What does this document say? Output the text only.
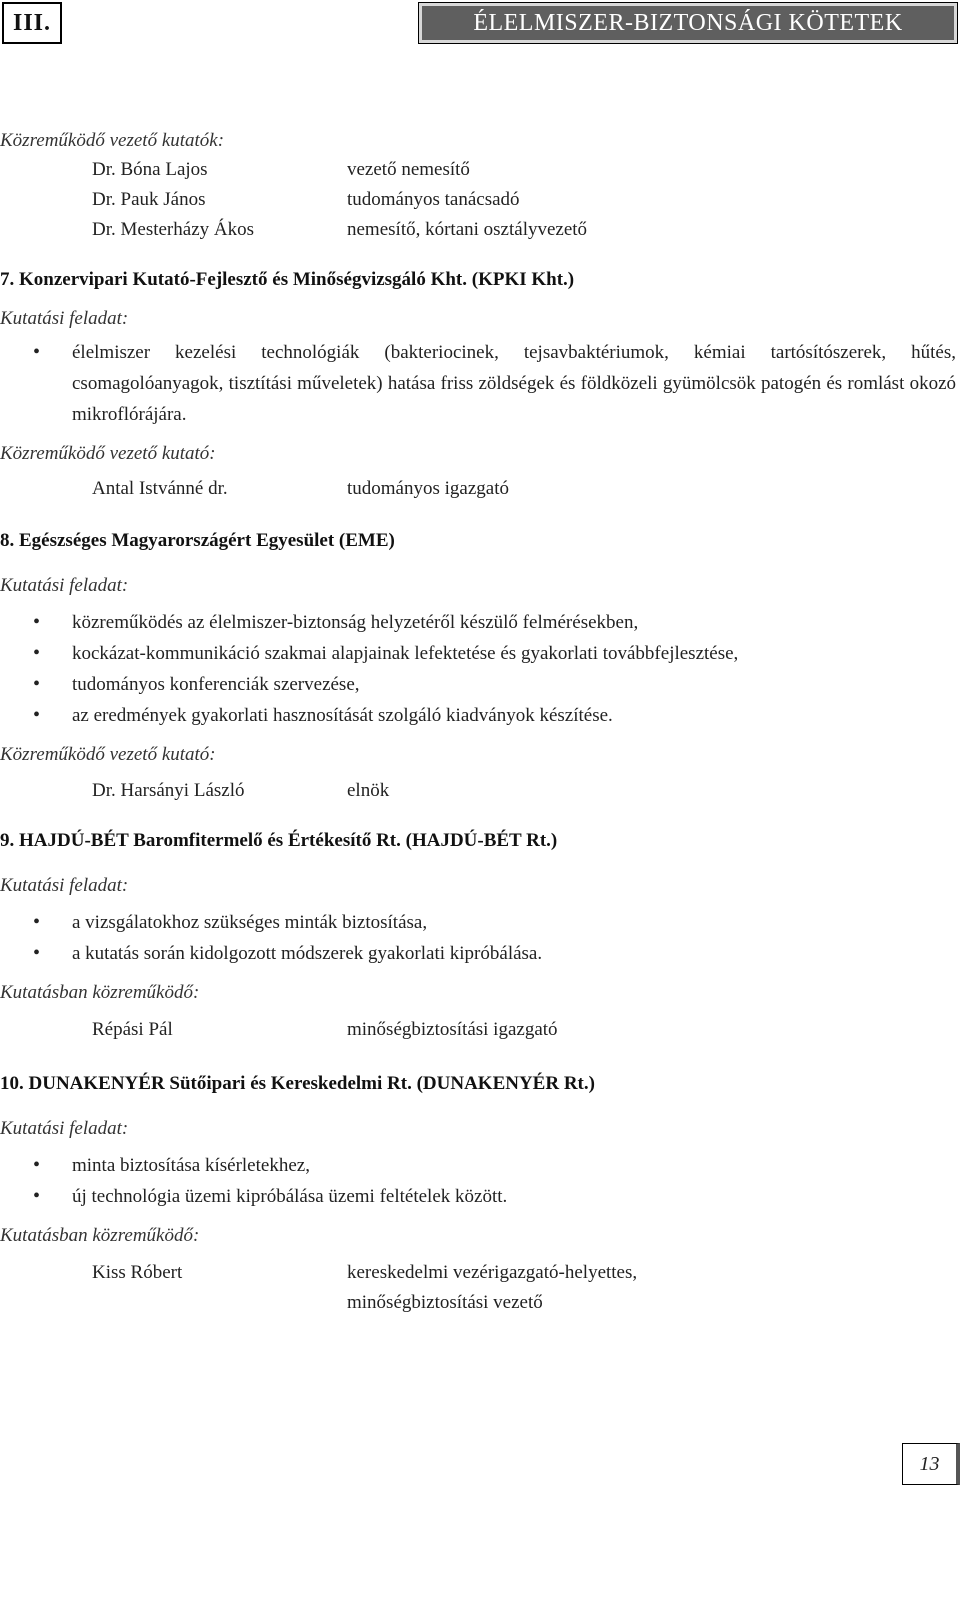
III.	ÉLELMISZER-BIZTONSÁGI KÖTETEK
Közreműködő vezető kutatók:
Dr. Bóna Lajos	vezető nemesítő
Dr. Pauk János	tudományos tanácsadó
Dr. Mesterházy Ákos	nemesítő, kórtani osztályvezető
7. Konzervipari Kutató-Fejlesztő és Minőségvizsgáló Kht. (KPKI Kht.)
Kutatási feladat:
• élelmiszer kezelési technológiák (bakteriocinek, tejsavbaktériumok, kémiai tartósítószerek, hűtés, csomagolóanyagok, tisztítási műveletek) hatása friss zöldségek és földközeli gyümölcsök patogén és romlást okozó mikroflórájára.
Közreműködő vezető kutató:
Antal Istvánné dr.	tudományos igazgató
8. Egészséges Magyarországért Egyesület (EME)
Kutatási feladat:
• közreműködés az élelmiszer-biztonság helyzetéről készülő felmérésekben,
• kockázat-kommunikáció szakmai alapjainak lefektetése és gyakorlati továbbfejlesztése,
• tudományos konferenciák szervezése,
• az eredmények gyakorlati hasznosítását szolgáló kiadványok készítése.
Közreműködő vezető kutató:
Dr. Harsányi László	elnök
9. HAJDÚ-BÉT Baromfitermelő és Értékesítő Rt. (HAJDÚ-BÉT Rt.)
Kutatási feladat:
• a vizsgálatokhoz szükséges minták biztosítása,
• a kutatás során kidolgozott módszerek gyakorlati kipróbálása.
Kutatásban közreműködő:
Répási Pál	minőségbiztosítási igazgató
10. DUNAKENYÉR Sütőipari és Kereskedelmi Rt. (DUNAKENYÉR Rt.)
Kutatási feladat:
• minta biztosítása kísérletekhez,
• új technológia üzemi kipróbálása üzemi feltételek között.
Kutatásban közreműködő:
Kiss Róbert	kereskedelmi vezérigazgató-helyettes,
minőségbiztosítási vezető
13
